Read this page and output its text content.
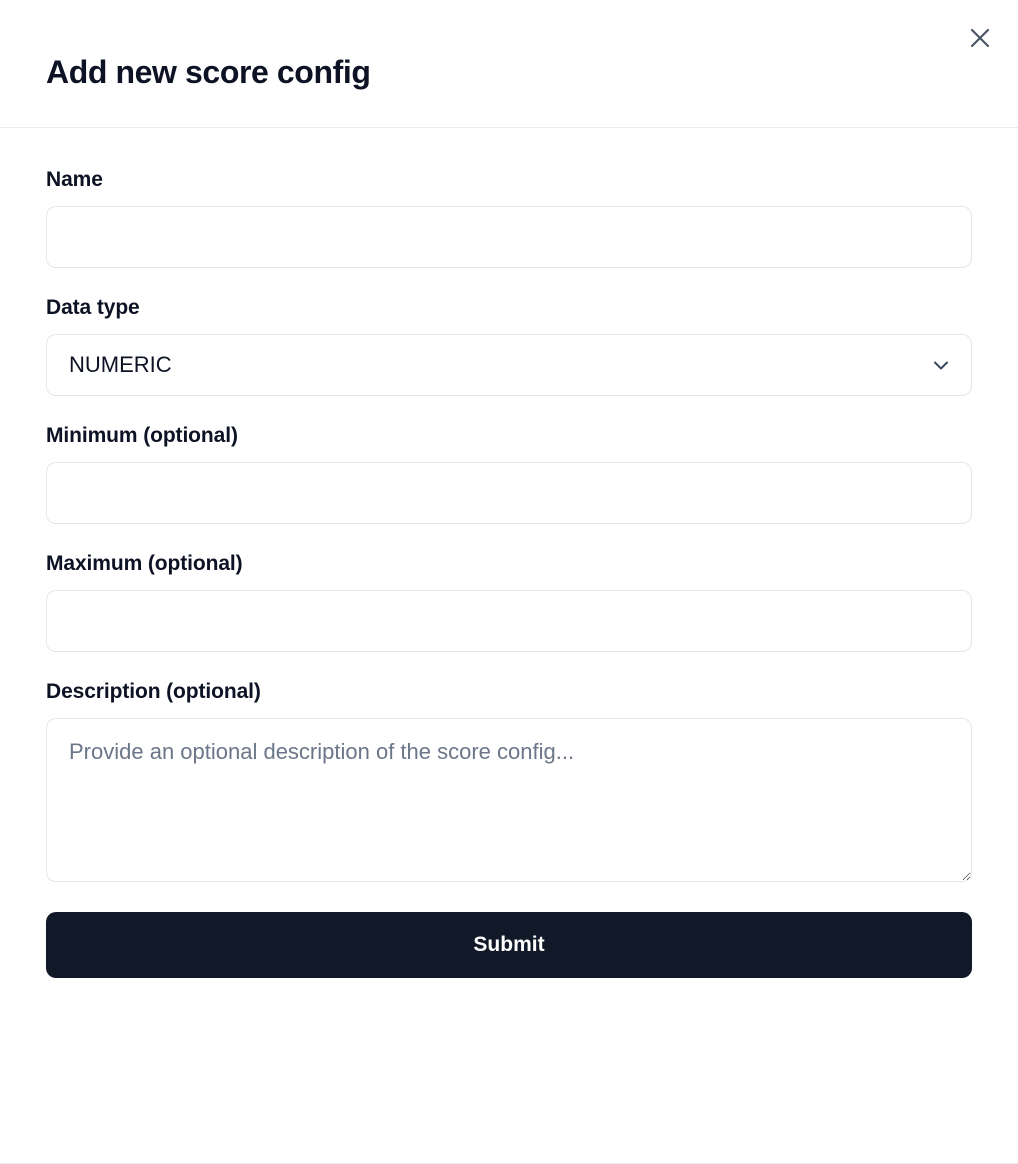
Add new score config

Name

Data type

NUMERIC

Minimum (optional)

Maximum (optional)

Description (optional)

Provide an optional description of the score config...
Submit
